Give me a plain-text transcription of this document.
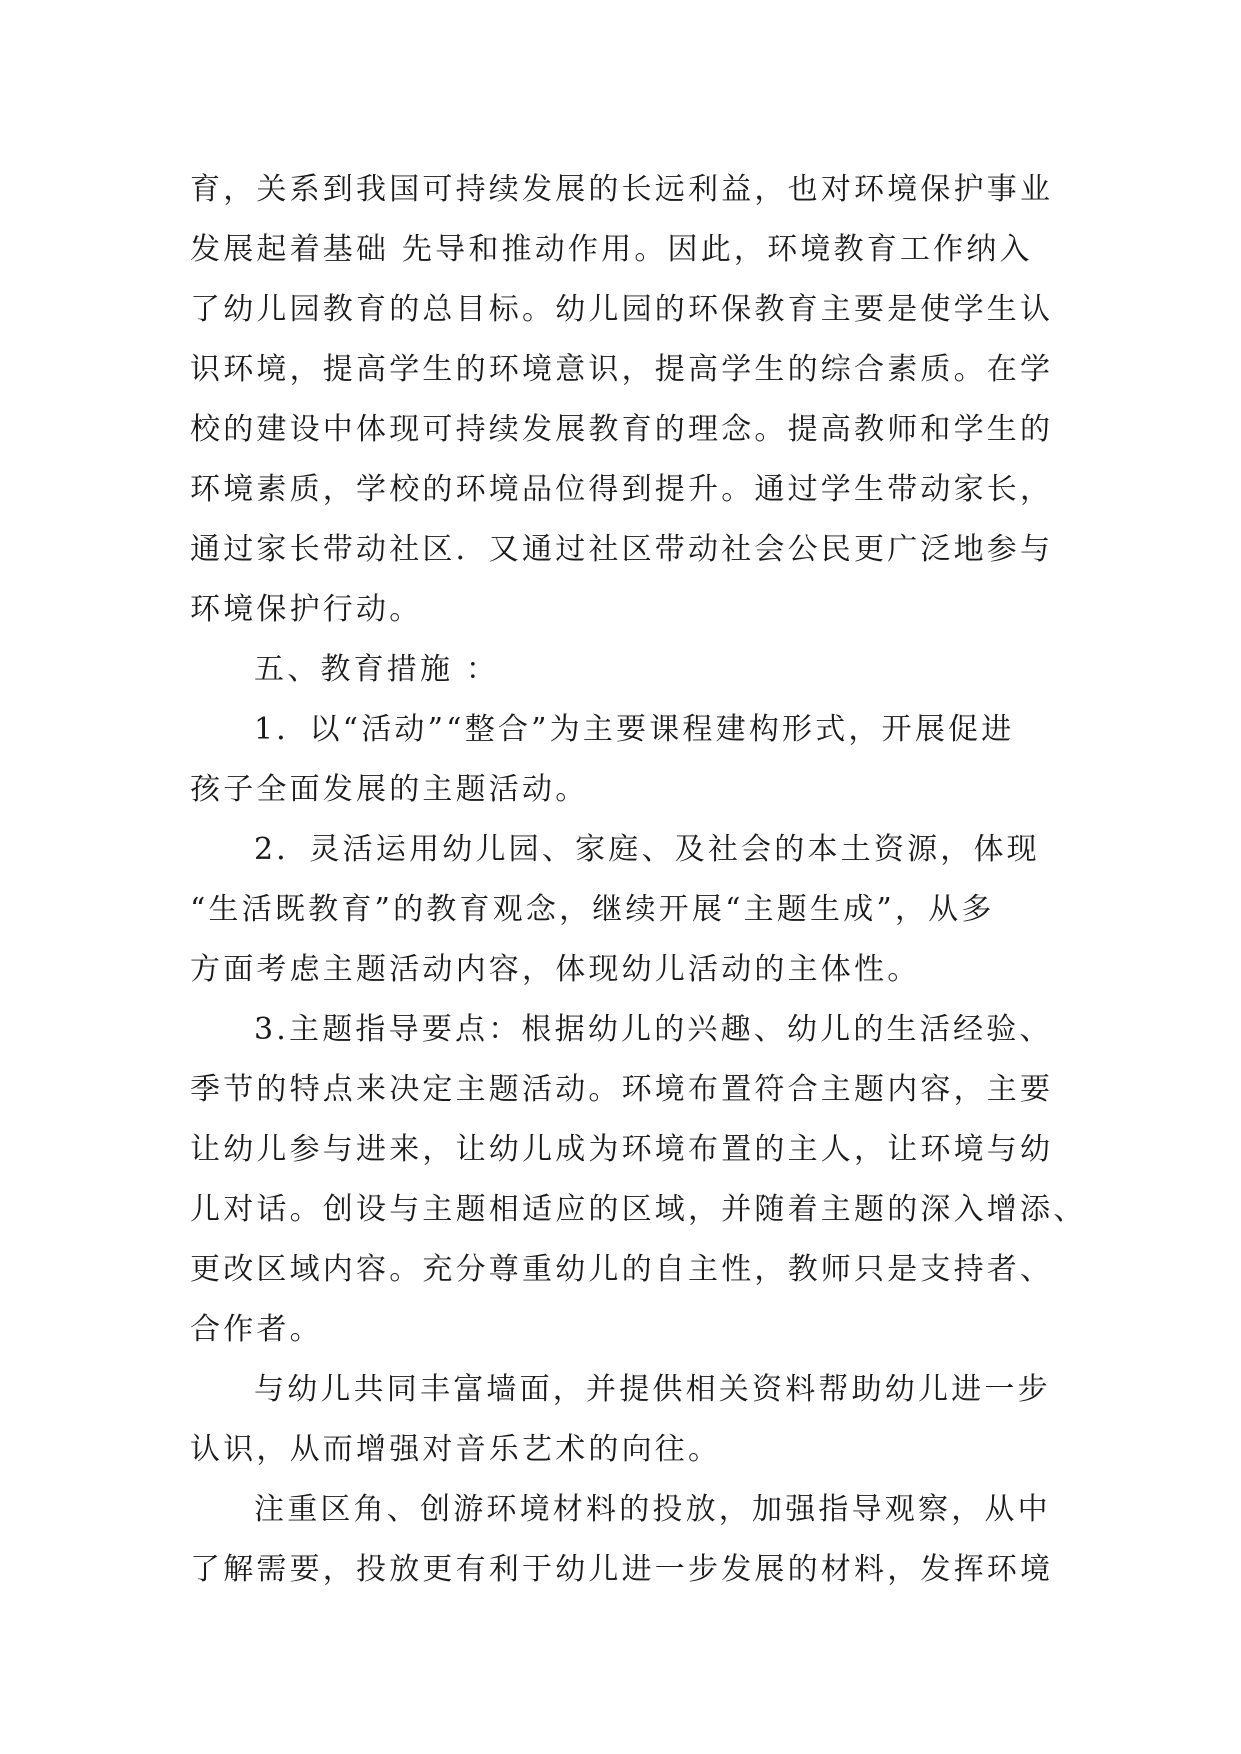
育，关系到我国可持续发展的长远利益，也对环境保护事业
发展起着基础 先导和推动作用。因此，环境教育工作纳入
了幼儿园教育的总目标。幼儿园的环保教育主要是使学生认
识环境，提高学生的环境意识，提高学生的综合素质。在学
校的建设中体现可持续发展教育的理念。提高教师和学生的
环境素质，学校的环境品位得到提升。通过学生带动家长，
通过家长带动社区．又通过社区带动社会公民更广泛地参与
环境保护行动。
五、教育措施 ：
1．以“活动”“整合”为主要课程建构形式，开展促进
孩子全面发展的主题活动。
2．灵活运用幼儿园、家庭、及社会的本土资源，体现
“生活既教育”的教育观念，继续开展“主题生成”，从多
方面考虑主题活动内容，体现幼儿活动的主体性。
3.主题指导要点：根据幼儿的兴趣、幼儿的生活经验、
季节的特点来决定主题活动。环境布置符合主题内容，主要
让幼儿参与进来，让幼儿成为环境布置的主人，让环境与幼
儿对话。创设与主题相适应的区域，并随着主题的深入增添、
更改区域内容。充分尊重幼儿的自主性，教师只是支持者、
合作者。
与幼儿共同丰富墙面，并提供相关资料帮助幼儿进一步
认识，从而增强对音乐艺术的向往。
注重区角、创游环境材料的投放，加强指导观察，从中
了解需要，投放更有利于幼儿进一步发展的材料，发挥环境
